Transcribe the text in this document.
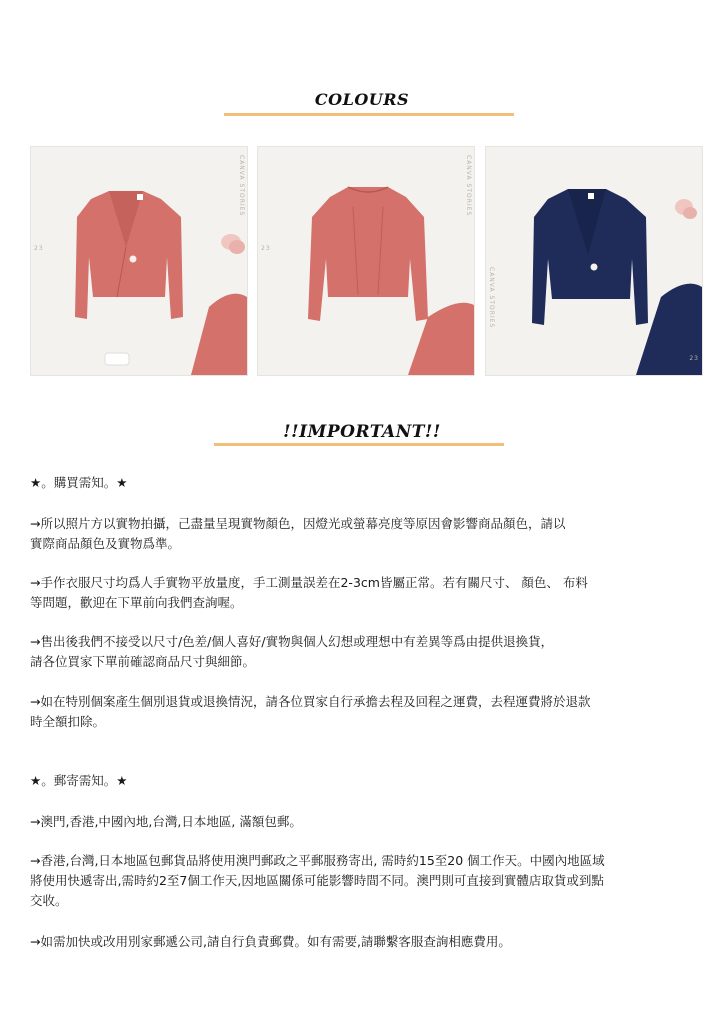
COLOURS
CANVA STORIES
23
CANVA STORIES
23
CANVA STORIES
23
!!IMPORTANT!!
★。購買需知。★
→所以照片方以實物拍攝，己盡量呈現實物顏色，因燈光或螢幕亮度等原因會影響商品顏色，請以
實際商品顏色及實物爲準。
→手作衣服尺寸均爲人手實物平放量度，手工測量誤差在2-3cm皆屬正常。若有關尺寸、 顏色、 布料
等問題，歡迎在下單前向我們查詢喔。
→售出後我們不接受以尺寸/色差/個人喜好/實物與個人幻想或理想中有差異等爲由提供退換貨，
請各位買家下單前確認商品尺寸與細節。
→如在特別個案產生個別退貨或退換情況，請各位買家自行承擔去程及回程之運費，去程運費將於退款
時全額扣除。
★。郵寄需知。★
→澳門,香港,中國內地,台灣,日本地區, 滿額包郵。
→香港,台灣,日本地區包郵貨品將使用澳門郵政之平郵服務寄出, 需時約15至20 個工作天。中國內地區域
將使用快遞寄出,需時約2至7個工作天,因地區關係可能影響時間不同。澳門則可直接到實體店取貨或到點
交收。
→如需加快或改用別家郵遞公司,請自行負責郵費。如有需要,請聯繫客服查詢相應費用。
